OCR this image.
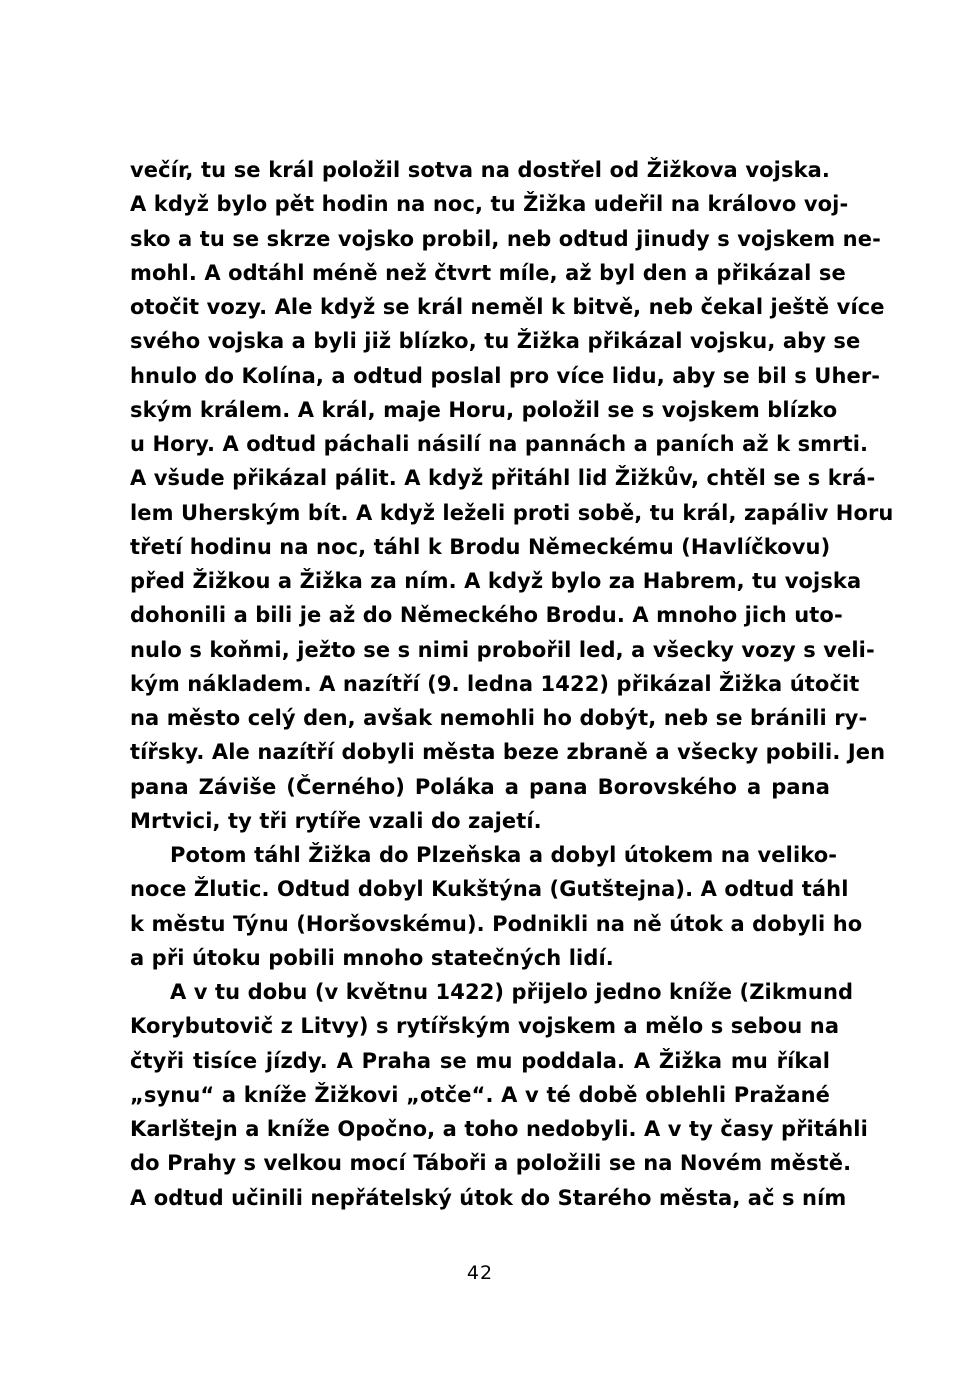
večír, tu se král položil sotva na dostřel od Žižkova vojska.
A když bylo pět hodin na noc, tu Žižka udeřil na královo voj-
sko a tu se skrze vojsko probil, neb odtud jinudy s vojskem ne-
mohl. A odtáhl méně než čtvrt míle, až byl den a přikázal se
otočit vozy. Ale když se král neměl k bitvě, neb čekal ještě více
svého vojska a byli již blízko, tu Žižka přikázal vojsku, aby se
hnulo do Kolína, a odtud poslal pro více lidu, aby se bil s Uher-
ským králem. A král, maje Horu, položil se s vojskem blízko
u Hory. A odtud páchali násilí na pannách a paních až k smrti.
A všude přikázal pálit. A když přitáhl lid Žižkův, chtěl se s krá-
lem Uherským bít. A když leželi proti sobě, tu král, zapáliv Horu
třetí hodinu na noc, táhl k Brodu Německému (Havlíčkovu)
před Žižkou a Žižka za ním. A když bylo za Habrem, tu vojska
dohonili a bili je až do Německého Brodu. A mnoho jich uto-
nulo s koňmi, ježto se s nimi probořil led, a všecky vozy s veli-
kým nákladem. A nazítří (9. ledna 1422) přikázal Žižka útočit
na město celý den, avšak nemohli ho dobýt, neb se bránili ry-
tířsky. Ale nazítří dobyli města beze zbraně a všecky pobili. Jen
pana Záviše (Černého) Poláka a pana Borovského a pana
Mrtvici, ty tři rytíře vzali do zajetí.
Potom táhl Žižka do Plzeňska a dobyl útokem na veliko-
noce Žlutic. Odtud dobyl Kukštýna (Gutštejna). A odtud táhl
k městu Týnu (Horšovskému). Podnikli na ně útok a dobyli ho
a při útoku pobili mnoho statečných lidí.
A v tu dobu (v květnu 1422) přijelo jedno kníže (Zikmund
Korybutovič z Litvy) s rytířským vojskem a mělo s sebou na
čtyři tisíce jízdy. A Praha se mu poddala. A Žižka mu říkal
„synu“ a kníže Žižkovi „otče“. A v té době oblehli Pražané
Karlštejn a kníže Opočno, a toho nedobyli. A v ty časy přitáhli
do Prahy s velkou mocí Táboři a položili se na Novém městě.
A odtud učinili nepřátelský útok do Starého města, ač s ním
42
